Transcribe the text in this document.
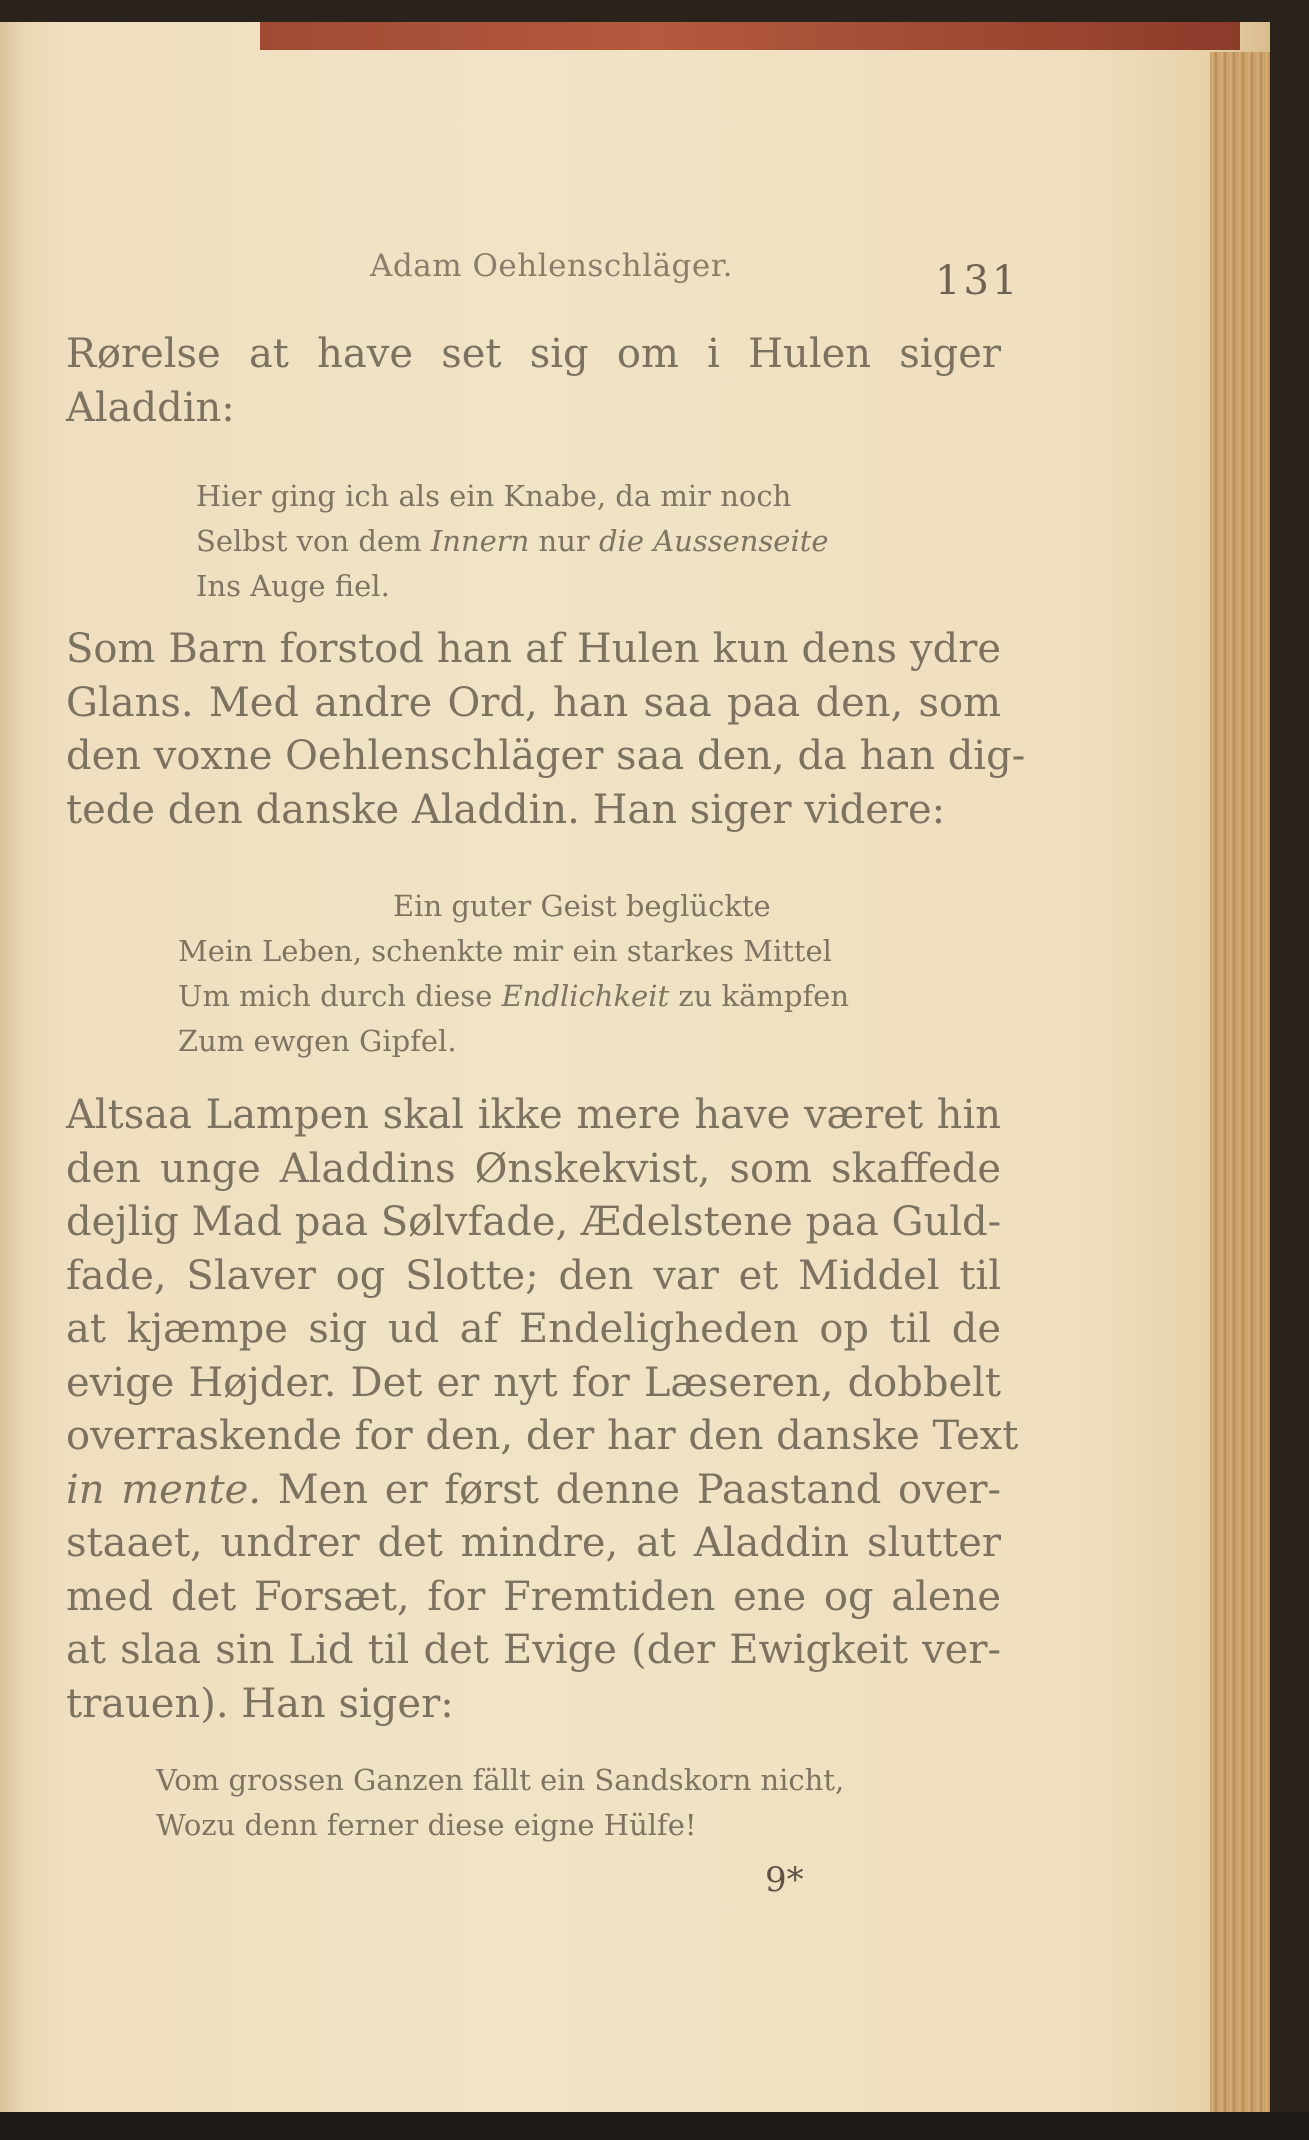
Adam Oehlenschläger.	131

Rørelse at have set sig om i Hulen siger
Aladdin:

Hier ging ich als ein Knabe, da mir noch
Selbst von dem Innern nur die Aussenseite
Ins Auge fiel.

Som Barn forstod han af Hulen kun dens ydre
Glans. Med andre Ord, han saa paa den, som
den voxne Oehlenschläger saa den, da han dig-
tede den danske Aladdin. Han siger videre:

Ein guter Geist beglückte
Mein Leben, schenkte mir ein starkes Mittel
Um mich durch diese Endlichkeit zu kämpfen
Zum ewgen Gipfel.

Altsaa Lampen skal ikke mere have været hin
den unge Aladdins Ønskekvist, som skaffede
dejlig Mad paa Sølvfade, Ædelstene paa Guld-
fade, Slaver og Slotte; den var et Middel til
at kjæmpe sig ud af Endeligheden op til de
evige Højder. Det er nyt for Læseren, dobbelt
overraskende for den, der har den danske Text
in mente. Men er først denne Paastand over-
staaet, undrer det mindre, at Aladdin slutter
med det Forsæt, for Fremtiden ene og alene
at slaa sin Lid til det Evige (der Ewigkeit ver-
trauen). Han siger:

Vom grossen Ganzen fällt ein Sandskorn nicht,
Wozu denn ferner diese eigne Hülfe!
9*
